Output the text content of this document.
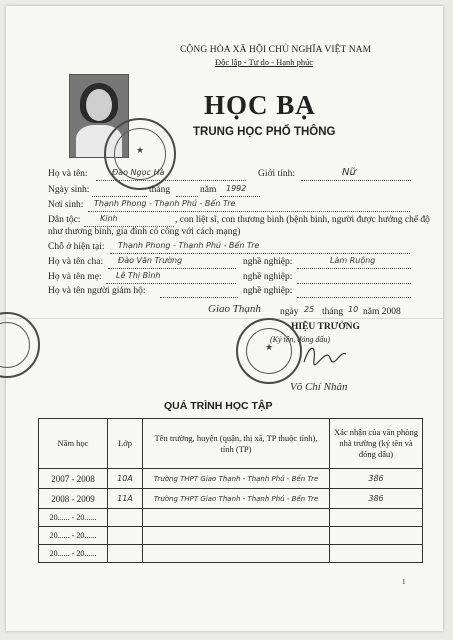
CỘNG HÒA XÃ HỘI CHỦ NGHĨA VIỆT NAM
Độc lập - Tự do - Hạnh phúc
★
HỌC BẠ
TRUNG HỌC PHỔ THÔNG
Họ và tên:	Đào Ngọc Hà	Giới tính:	Nữ
Ngày sinh:	tháng	năm 1992
Nơi sinh: Thạnh Phong - Thạnh Phú - Bến Tre
Dân tộc: Kinh	, con liệt sĩ, con thương binh (bệnh binh, người được hưởng chế độ
như thương binh, gia đình có công với cách mạng)
Chỗ ở hiện tại: Thạnh Phong - Thạnh Phú - Bến Tre
Họ và tên cha: Đào Văn Trường	nghề nghiệp:	Làm Ruộng
Họ và tên mẹ: Lê Thị Bình	nghề nghiệp:
Họ và tên người giám hộ:	nghề nghiệp:
Giao Thạnh ngày 25 tháng 10 năm 2008
HIỆU TRƯỞNG
(Ký tên, đóng dấu)
★
Võ Chí Nhân
QUÁ TRÌNH HỌC TẬP
Năm học	Lớp	Tên trường, huyện (quận, thị xã, TP thuộc tỉnh), tỉnh (TP)	Xác nhận của văn phòng nhà trường (ký tên và đóng dấu)
2007 - 2008	10A	Trường THPT Giao Thạnh - Thạnh Phú - Bến Tre	386
2008 - 2009	11A	Trường THPT Giao Thạnh - Thạnh Phú - Bến Tre	386
20...... - 20......			
20...... - 20......			
20...... - 20......			
1
